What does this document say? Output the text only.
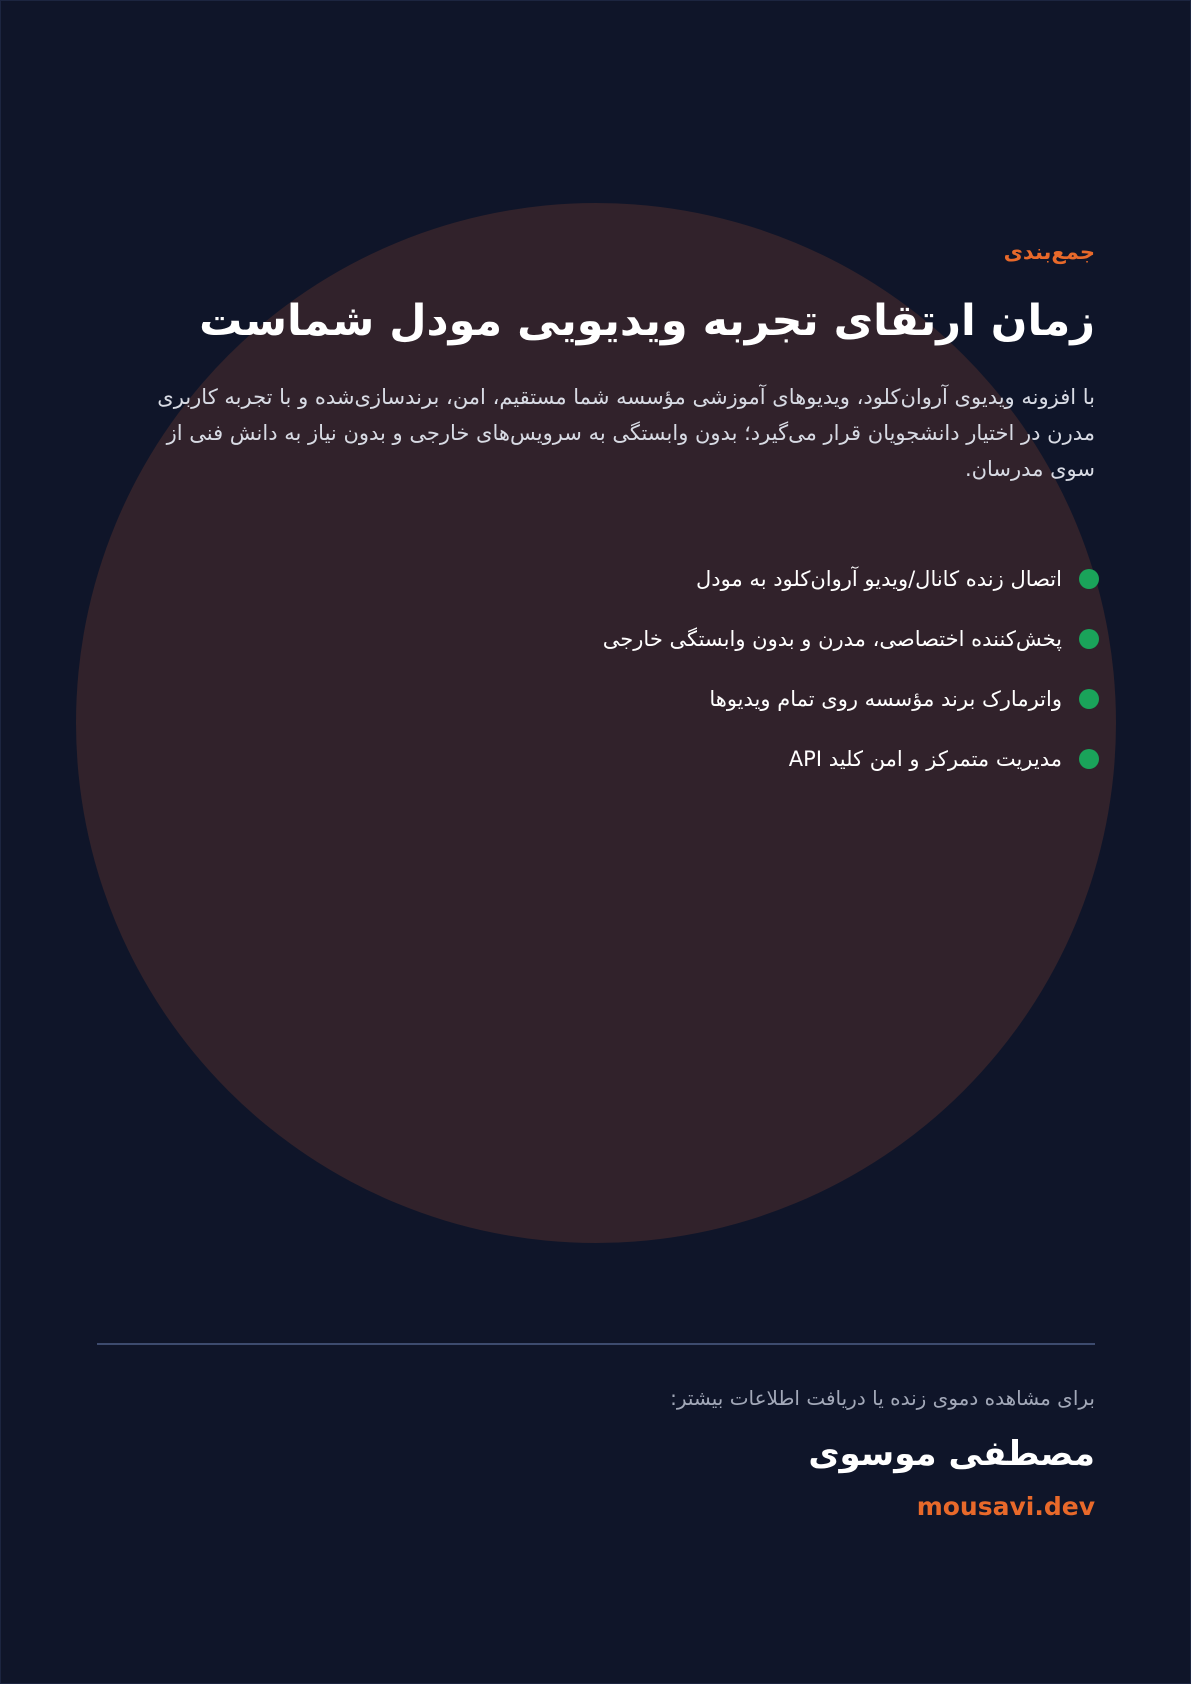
جمع‌بندی

زمان ارتقای تجربه ویدیویی مودل شماست

با افزونه ویدیوی آروان‌کلود، ویدیوهای آموزشی مؤسسه شما مستقیم، امن، برندسازی‌شده و با تجربه کاربری مدرن در اختیار دانشجویان قرار می‌گیرد؛ بدون وابستگی به سرویس‌های خارجی و بدون نیاز به دانش فنی از سوی مدرسان.

اتصال زنده کانال/ویدیو آروان‌کلود به مودل
پخش‌کننده اختصاصی، مدرن و بدون وابستگی خارجی
واترمارک برند مؤسسه روی تمام ویدیوها
مدیریت متمرکز و امن کلید API

برای مشاهده دموی زنده یا دریافت اطلاعات بیشتر:

مصطفی موسوی

mousavi.dev
